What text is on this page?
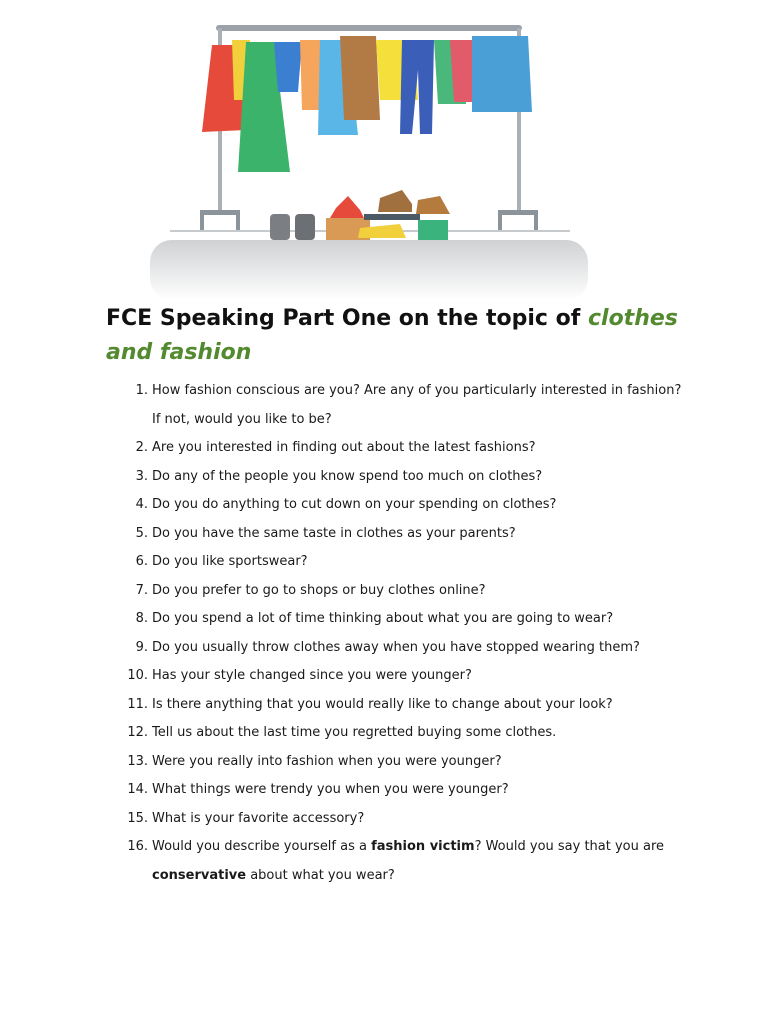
FCE Speaking Part One on the topic of clothes and fashion
1. How fashion conscious are you? Are any of you particularly interested in fashion? If not, would you like to be?
2. Are you interested in finding out about the latest fashions?
3. Do any of the people you know spend too much on clothes?
4. Do you do anything to cut down on your spending on clothes?
5. Do you have the same taste in clothes as your parents?
6. Do you like sportswear?
7. Do you prefer to go to shops or buy clothes online?
8. Do you spend a lot of time thinking about what you are going to wear?
9. Do you usually throw clothes away when you have stopped wearing them?
10. Has your style changed since you were younger?
11. Is there anything that you would really like to change about your look?
12. Tell us about the last time you regretted buying some clothes.
13. Were you really into fashion when you were younger?
14. What things were trendy you when you were younger?
15. What is your favorite accessory?
16. Would you describe yourself as a fashion victim? Would you say that you are conservative about what you wear?
